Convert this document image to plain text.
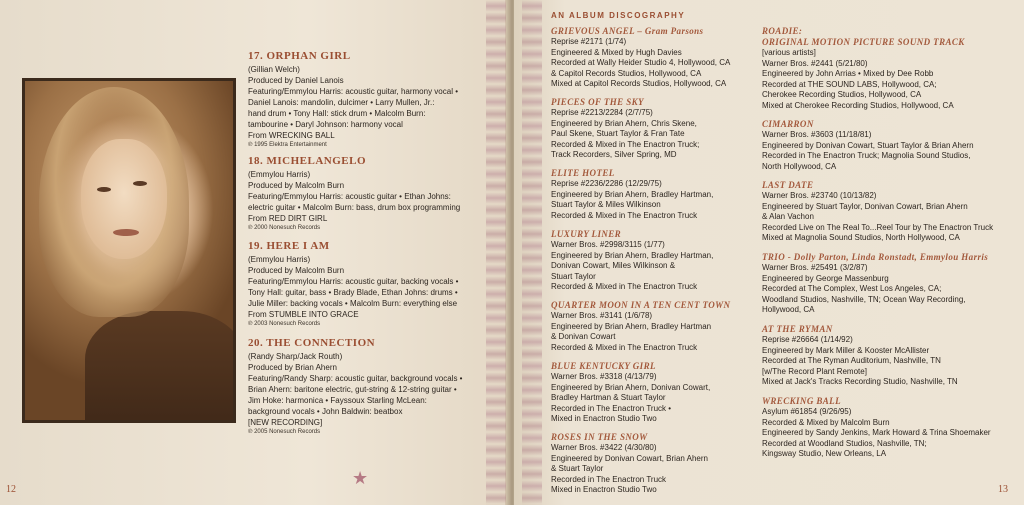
17. ORPHAN GIRL
(Gillian Welch)
Produced by Daniel Lanois
Featuring/Emmylou Harris: acoustic guitar, harmony vocal •
Daniel Lanois: mandolin, dulcimer • Larry Mullen, Jr.:
hand drum • Tony Hall: stick drum • Malcolm Burn:
tambourine • Daryl Johnson: harmony vocal
From WRECKING BALL
℗ 1995 Elektra Entertainment
18. MICHELANGELO
(Emmylou Harris)
Produced by Malcolm Burn
Featuring/Emmylou Harris: acoustic guitar • Ethan Johns:
electric guitar • Malcolm Burn: bass, drum box programming
From RED DIRT GIRL
℗ 2000 Nonesuch Records
19. HERE I AM
(Emmylou Harris)
Produced by Malcolm Burn
Featuring/Emmylou Harris: acoustic guitar, backing vocals •
Tony Hall: guitar, bass • Brady Blade, Ethan Johns: drums •
Julie Miller: backing vocals • Malcolm Burn: everything else
From STUMBLE INTO GRACE
℗ 2003 Nonesuch Records
20. THE CONNECTION
(Randy Sharp/Jack Routh)
Produced by Brian Ahern
Featuring/Randy Sharp: acoustic guitar, background vocals •
Brian Ahern: baritone electric, gut-string & 12-string guitar •
Jim Hoke: harmonica • Fayssoux Starling McLean:
background vocals • John Baldwin: beatbox
[NEW RECORDING]
℗ 2005 Nonesuch Records
★
12
AN ALBUM DISCOGRAPHY
GRIEVOUS ANGEL – Gram Parsons
Reprise #2171 (1/74)
Engineered & Mixed by Hugh Davies
Recorded at Wally Heider Studio 4, Hollywood, CA
& Capitol Records Studios, Hollywood, CA
Mixed at Capitol Records Studios, Hollywood, CA
PIECES OF THE SKY
Reprise #2213/2284 (2/7/75)
Engineered by Brian Ahern, Chris Skene,
Paul Skene, Stuart Taylor & Fran Tate
Recorded & Mixed in The Enactron Truck;
Track Recorders, Silver Spring, MD
ELITE HOTEL
Reprise #2236/2286 (12/29/75)
Engineered by Brian Ahern, Bradley Hartman,
Stuart Taylor & Miles Wilkinson
Recorded & Mixed in The Enactron Truck
LUXURY LINER
Warner Bros. #2998/3115 (1/77)
Engineered by Brian Ahern, Bradley Hartman,
Donivan Cowart, Miles Wilkinson &
Stuart Taylor
Recorded & Mixed in The Enactron Truck
QUARTER MOON IN A TEN CENT TOWN
Warner Bros. #3141 (1/6/78)
Engineered by Brian Ahern, Bradley Hartman
& Donivan Cowart
Recorded & Mixed in The Enactron Truck
BLUE KENTUCKY GIRL
Warner Bros. #3318 (4/13/79)
Engineered by Brian Ahern, Donivan Cowart,
Bradley Hartman & Stuart Taylor
Recorded in The Enactron Truck •
Mixed in Enactron Studio Two
ROSES IN THE SNOW
Warner Bros. #3422 (4/30/80)
Engineered by Donivan Cowart, Brian Ahern
& Stuart Taylor
Recorded in The Enactron Truck
Mixed in Enactron Studio Two
ROADIE:
ORIGINAL MOTION PICTURE SOUND TRACK
[various artists]
Warner Bros. #2441 (5/21/80)
Engineered by John Arrias • Mixed by Dee Robb
Recorded at THE SOUND LABS, Hollywood, CA;
Cherokee Recording Studios, Hollywood, CA
Mixed at Cherokee Recording Studios, Hollywood, CA
CIMARRON
Warner Bros. #3603 (11/18/81)
Engineered by Donivan Cowart, Stuart Taylor & Brian Ahern
Recorded in The Enactron Truck; Magnolia Sound Studios,
North Hollywood, CA
LAST DATE
Warner Bros. #23740 (10/13/82)
Engineered by Stuart Taylor, Donivan Cowart, Brian Ahern
& Alan Vachon
Recorded Live on The Real To...Reel Tour by The Enactron Truck
Mixed at Magnolia Sound Studios, North Hollywood, CA
TRIO - Dolly Parton, Linda Ronstadt, Emmylou Harris
Warner Bros. #25491 (3/2/87)
Engineered by George Massenburg
Recorded at The Complex, West Los Angeles, CA;
Woodland Studios, Nashville, TN; Ocean Way Recording,
Hollywood, CA
AT THE RYMAN
Reprise #26664 (1/14/92)
Engineered by Mark Miller & Kooster McAllister
Recorded at The Ryman Auditorium, Nashville, TN
[w/The Record Plant Remote]
Mixed at Jack's Tracks Recording Studio, Nashville, TN
WRECKING BALL
Asylum #61854 (9/26/95)
Recorded & Mixed by Malcolm Burn
Engineered by Sandy Jenkins, Mark Howard & Trina Shoemaker
Recorded at Woodland Studios, Nashville, TN;
Kingsway Studio, New Orleans, LA
13
